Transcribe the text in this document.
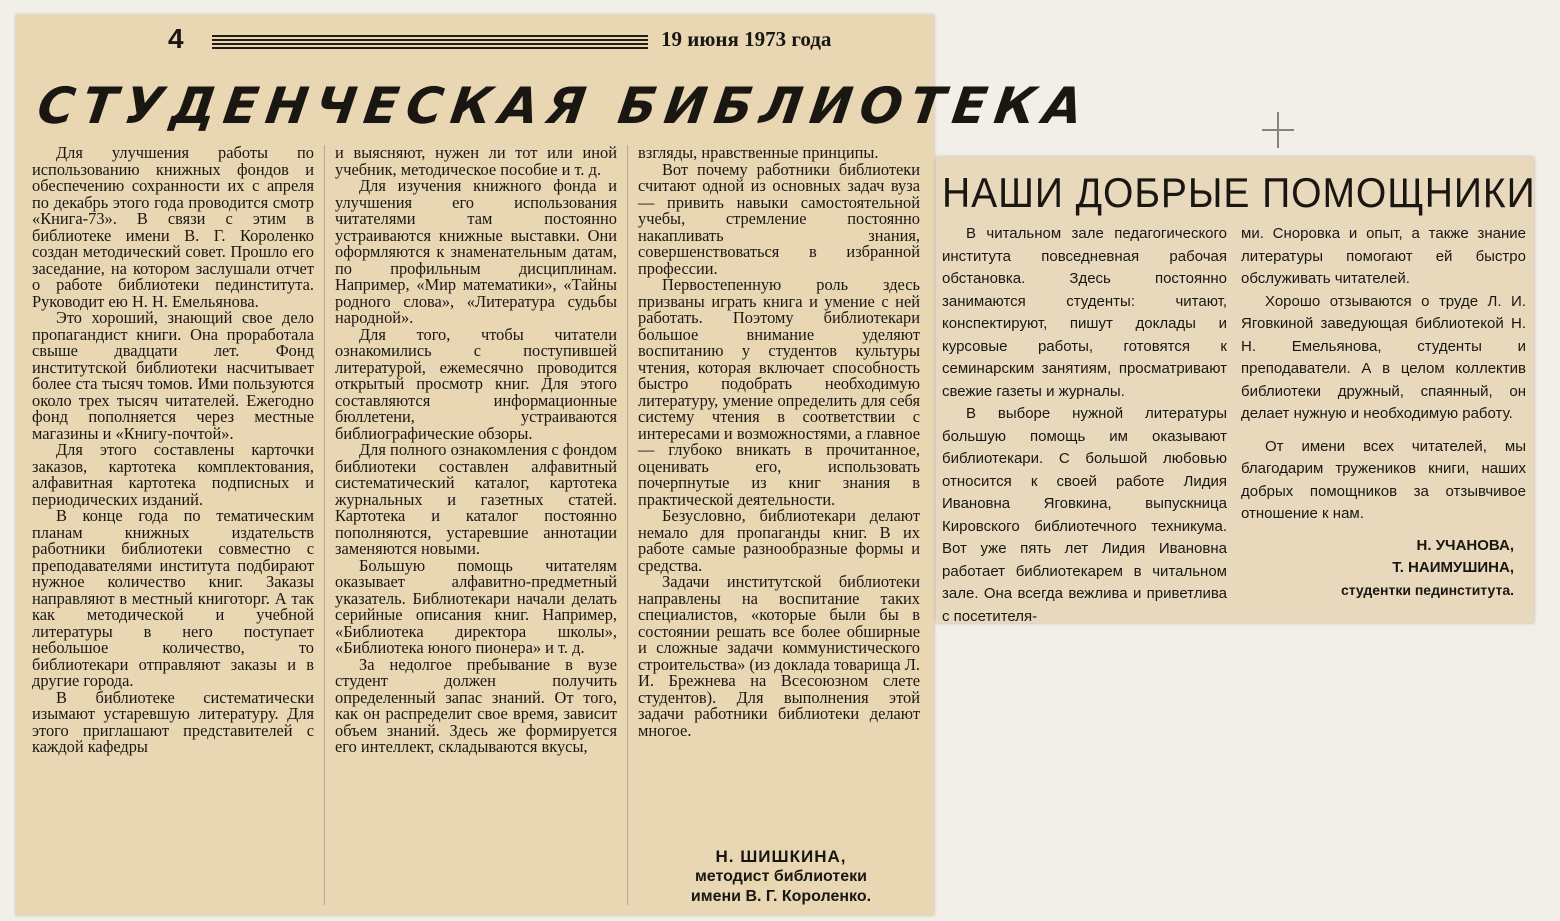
4	19 июня 1973 года
СТУДЕНЧЕСКАЯ БИБЛИОТЕКА

Для улучшения работы по использованию книжных фондов и обеспечению сохранности их с апреля по декабрь этого года проводится смотр «Книга-73». В связи с этим в библиотеке имени В. Г. Короленко создан методический совет. Прошло его заседание, на котором заслушали отчет о работе библиотеки пединститута. Руководит ею Н. Н. Емельянова.

Это хороший, знающий свое дело пропагандист книги. Она проработала свыше двадцати лет. Фонд институтской библиотеки насчитывает более ста тысяч томов. Ими пользуются около трех тысяч читателей. Ежегодно фонд пополняется через местные магазины и «Книгу-почтой».

Для этого составлены карточки заказов, картотека комплектования, алфавитная картотека подписных и периодических изданий.

В конце года по тематическим планам книжных издательств работники библиотеки совместно с преподавателями института подбирают нужное количество книг. Заказы направляют в местный книготорг. А так как методической и учебной литературы в него поступает небольшое количество, то библиотекари отправляют заказы и в другие города.

В библиотеке систематически изымают устаревшую литературу. Для этого приглашают представителей с каждой кафедры

и выясняют, нужен ли тот или иной учебник, методическое пособие и т. д.

Для изучения книжного фонда и улучшения его использования читателями там постоянно устраиваются книжные выставки. Они оформляются к знаменательным датам, по профильным дисциплинам. Например, «Мир математики», «Тайны родного слова», «Литература судьбы народной».

Для того, чтобы читатели ознакомились с поступившей литературой, ежемесячно проводится открытый просмотр книг. Для этого составляются информационные бюллетени, устраиваются библиографические обзоры.

Для полного ознакомления с фондом библиотеки составлен алфавитный систематический каталог, картотека журнальных и газетных статей. Картотека и каталог постоянно пополняются, устаревшие аннотации заменяются новыми.

Большую помощь читателям оказывает алфавитно-предметный указатель. Библиотекари начали делать серийные описания книг. Например, «Библиотека директора школы», «Библиотека юного пионера» и т. д.

За недолгое пребывание в вузе студент должен получить определенный запас знаний. От того, как он распределит свое время, зависит объем знаний. Здесь же формируется его интеллект, складываются вкусы,

взгляды, нравственные принципы.

Вот почему работники библиотеки считают одной из основных задач вуза — привить навыки самостоятельной учебы, стремление постоянно накапливать знания, совершенствоваться в избранной профессии.

Первостепенную роль здесь призваны играть книга и умение с ней работать. Поэтому библиотекари большое внимание уделяют воспитанию у студентов культуры чтения, которая включает способность быстро подобрать необходимую литературу, умение определить для себя систему чтения в соответствии с интересами и возможностями, а главное — глубоко вникать в прочитанное, оценивать его, использовать почерпнутые из книг знания в практической деятельности.

Безусловно, библиотекари делают немало для пропаганды книг. В их работе самые разнообразные формы и средства.

Задачи институтской библиотеки направлены на воспитание таких специалистов, «которые были бы в состоянии решать все более обширные и сложные задачи коммунистического строительства» (из доклада товарища Л. И. Брежнева на Всесоюзном слете студентов). Для выполнения этой задачи работники библиотеки делают многое.

Н. ШИШКИНА,
методист библиотеки
имени В. Г. Короленко.
НАШИ ДОБРЫЕ ПОМОЩНИКИ

В читальном зале педагогического института повседневная рабочая обстановка. Здесь постоянно занимаются студенты: читают, конспектируют, пишут доклады и курсовые работы, готовятся к семинарским занятиям, просматривают свежие газеты и журналы.

В выборе нужной литературы большую помощь им оказывают библиотекари. С большой любовью относится к своей работе Лидия Ивановна Яговкина, выпускница Кировского библиотечного техникума. Вот уже пять лет Лидия Ивановна работает библиотекарем в читальном зале. Она всегда вежлива и приветлива с посетителя-

ми. Сноровка и опыт, а также знание литературы помогают ей быстро обслуживать читателей.

Хорошо отзываются о труде Л. И. Яговкиной заведующая библиотекой Н. Н. Емельянова, студенты и преподаватели. А в целом коллектив библиотеки дружный, спаянный, он делает нужную и необходимую работу.

От имени всех читателей, мы благодарим тружеников книги, наших добрых помощников за отзывчивое отношение к нам.

Н. УЧАНОВА,
Т. НАИМУШИНА,
студентки пединститута.
